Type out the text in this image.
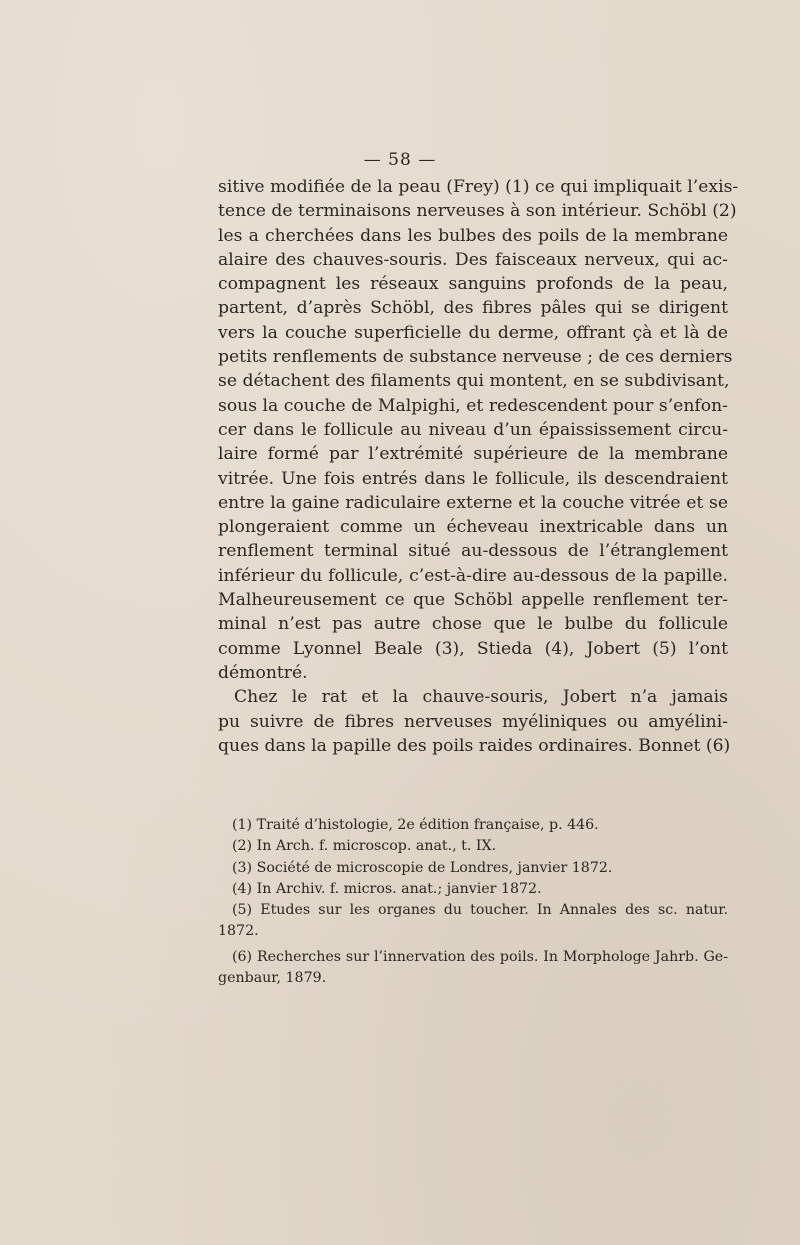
— 58 —
sitive modifiée de la peau (Frey) (1) ce qui impliquait l’exis-
tence de terminaisons nerveuses à son intérieur. Schöbl (2)
les a cherchées dans les bulbes des poils de la membrane
alaire des chauves-souris. Des faisceaux nerveux, qui ac-
compagnent les réseaux sanguins profonds de la peau,
partent, d’après Schöbl, des fibres pâles qui se dirigent
vers la couche superficielle du derme, offrant çà et là de
petits renflements de substance nerveuse ; de ces derniers
se détachent des filaments qui montent, en se subdivisant,
sous la couche de Malpighi, et redescendent pour s’enfon-
cer dans le follicule au niveau d’un épaississement circu-
laire formé par l’extrémité supérieure de la membrane
vitrée. Une fois entrés dans le follicule, ils descendraient
entre la gaine radiculaire externe et la couche vitrée et se
plongeraient comme un écheveau inextricable dans un
renflement terminal situé au-dessous de l’étranglement
inférieur du follicule, c’est-à-dire au-dessous de la papille.
Malheureusement ce que Schöbl appelle renflement ter-
minal n’est pas autre chose que le bulbe du follicule
comme Lyonnel Beale (3), Stieda (4), Jobert (5) l’ont
démontré.
Chez le rat et la chauve-souris, Jobert n’a jamais
pu suivre de fibres nerveuses myéliniques ou amyélini-
ques dans la papille des poils raides ordinaires. Bonnet (6)
(1) Traité d’histologie, 2e édition française, p. 446.
(2) In Arch. f. microscop. anat., t. IX.
(3) Société de microscopie de Londres, janvier 1872.
(4) In Archiv. f. micros. anat.; janvier 1872.
(5) Etudes sur les organes du toucher. In Annales des sc. natur.
1872.
(6) Recherches sur l’innervation des poils. In Morphologe Jahrb. Ge-
genbaur, 1879.
